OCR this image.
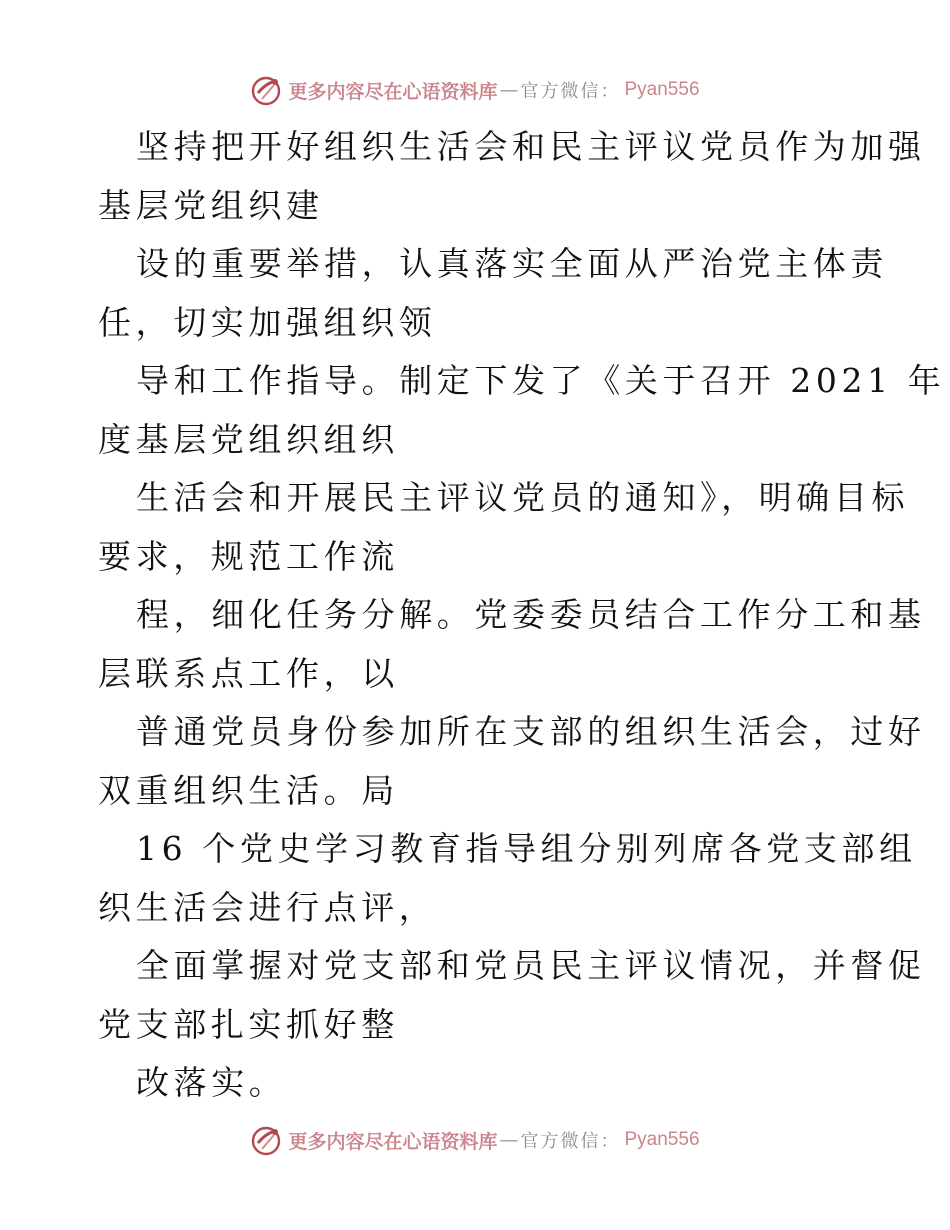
更多内容尽在心语资料库 — 官方微信： Pyan556
坚持把开好组织生活会和民主评议党员作为加强
基层党组织建
设的重要举措，认真落实全面从严治党主体责
任，切实加强组织领
导和工作指导。制定下发了《关于召开 2021 年
度基层党组织组织
生活会和开展民主评议党员的通知》，明确目标
要求，规范工作流
程，细化任务分解。党委委员结合工作分工和基
层联系点工作，以
普通党员身份参加所在支部的组织生活会，过好
双重组织生活。局
16 个党史学习教育指导组分别列席各党支部组
织生活会进行点评，
全面掌握对党支部和党员民主评议情况，并督促
党支部扎实抓好整
改落实。
更多内容尽在心语资料库 — 官方微信： Pyan556
